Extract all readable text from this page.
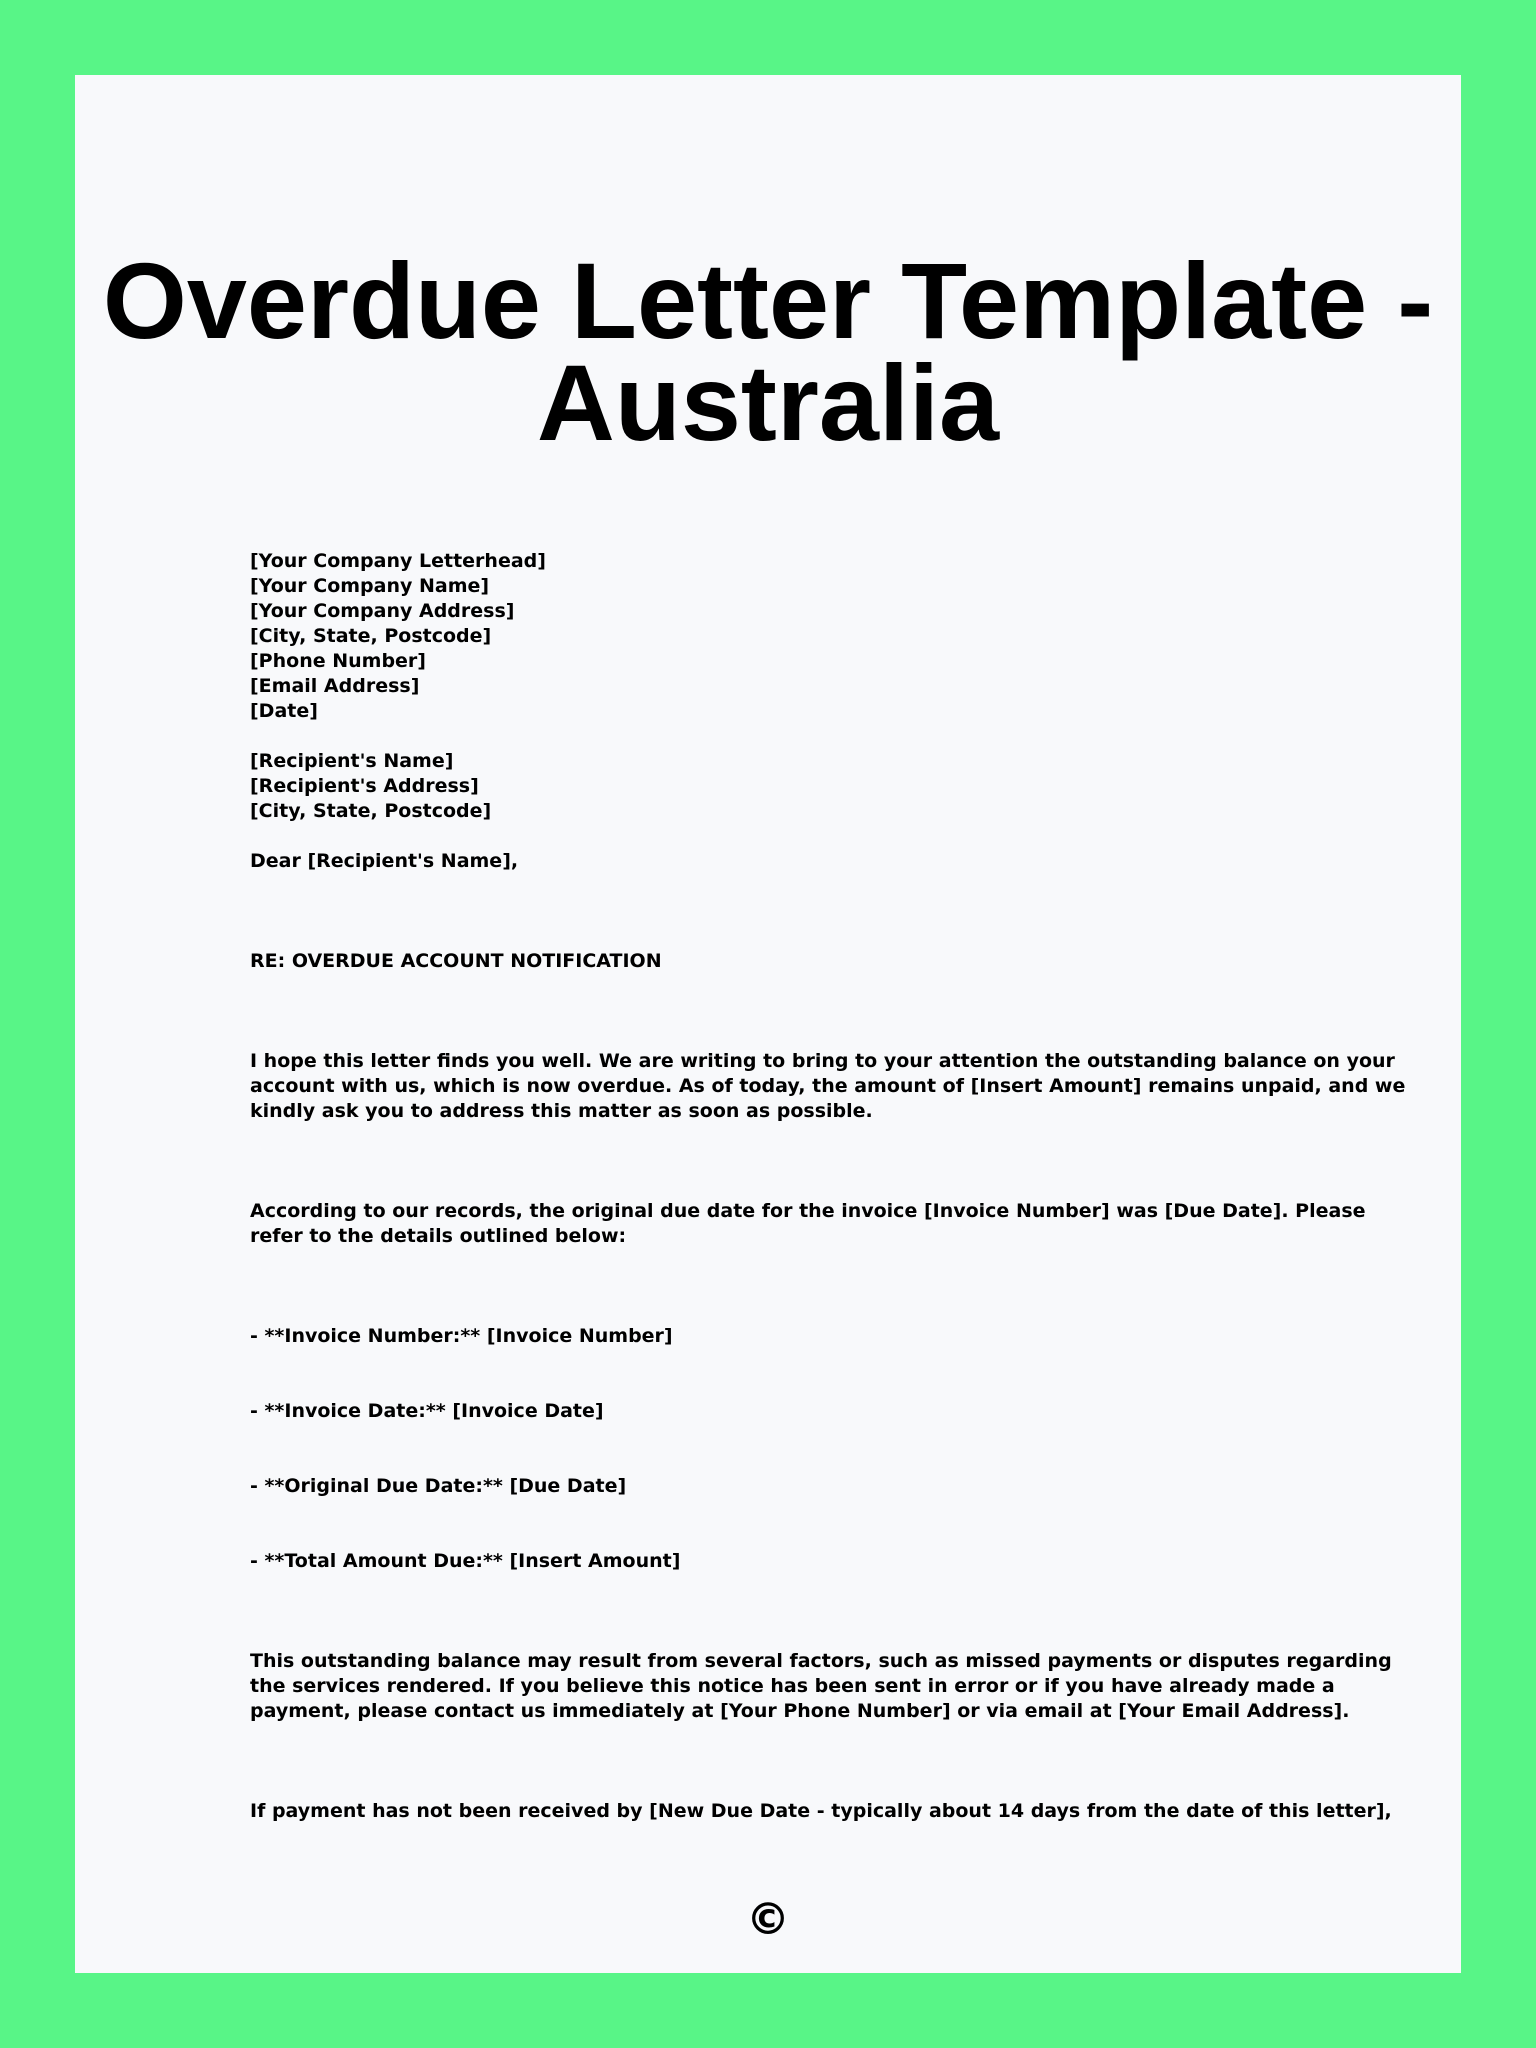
Overdue Letter Template -
Australia
[Your Company Letterhead]
[Your Company Name]
[Your Company Address]
[City, State, Postcode]
[Phone Number]
[Email Address]
[Date]
[Recipient's Name]
[Recipient's Address]
[City, State, Postcode]
Dear [Recipient's Name],
RE: OVERDUE ACCOUNT NOTIFICATION
I hope this letter finds you well. We are writing to bring to your attention the outstanding balance on your
account with us, which is now overdue. As of today, the amount of [Insert Amount] remains unpaid, and we
kindly ask you to address this matter as soon as possible.
According to our records, the original due date for the invoice [Invoice Number] was [Due Date]. Please
refer to the details outlined below:
- **Invoice Number:** [Invoice Number]
- **Invoice Date:** [Invoice Date]
- **Original Due Date:** [Due Date]
- **Total Amount Due:** [Insert Amount]
This outstanding balance may result from several factors, such as missed payments or disputes regarding
the services rendered. If you believe this notice has been sent in error or if you have already made a
payment, please contact us immediately at [Your Phone Number] or via email at [Your Email Address].
If payment has not been received by [New Due Date - typically about 14 days from the date of this letter],
©
